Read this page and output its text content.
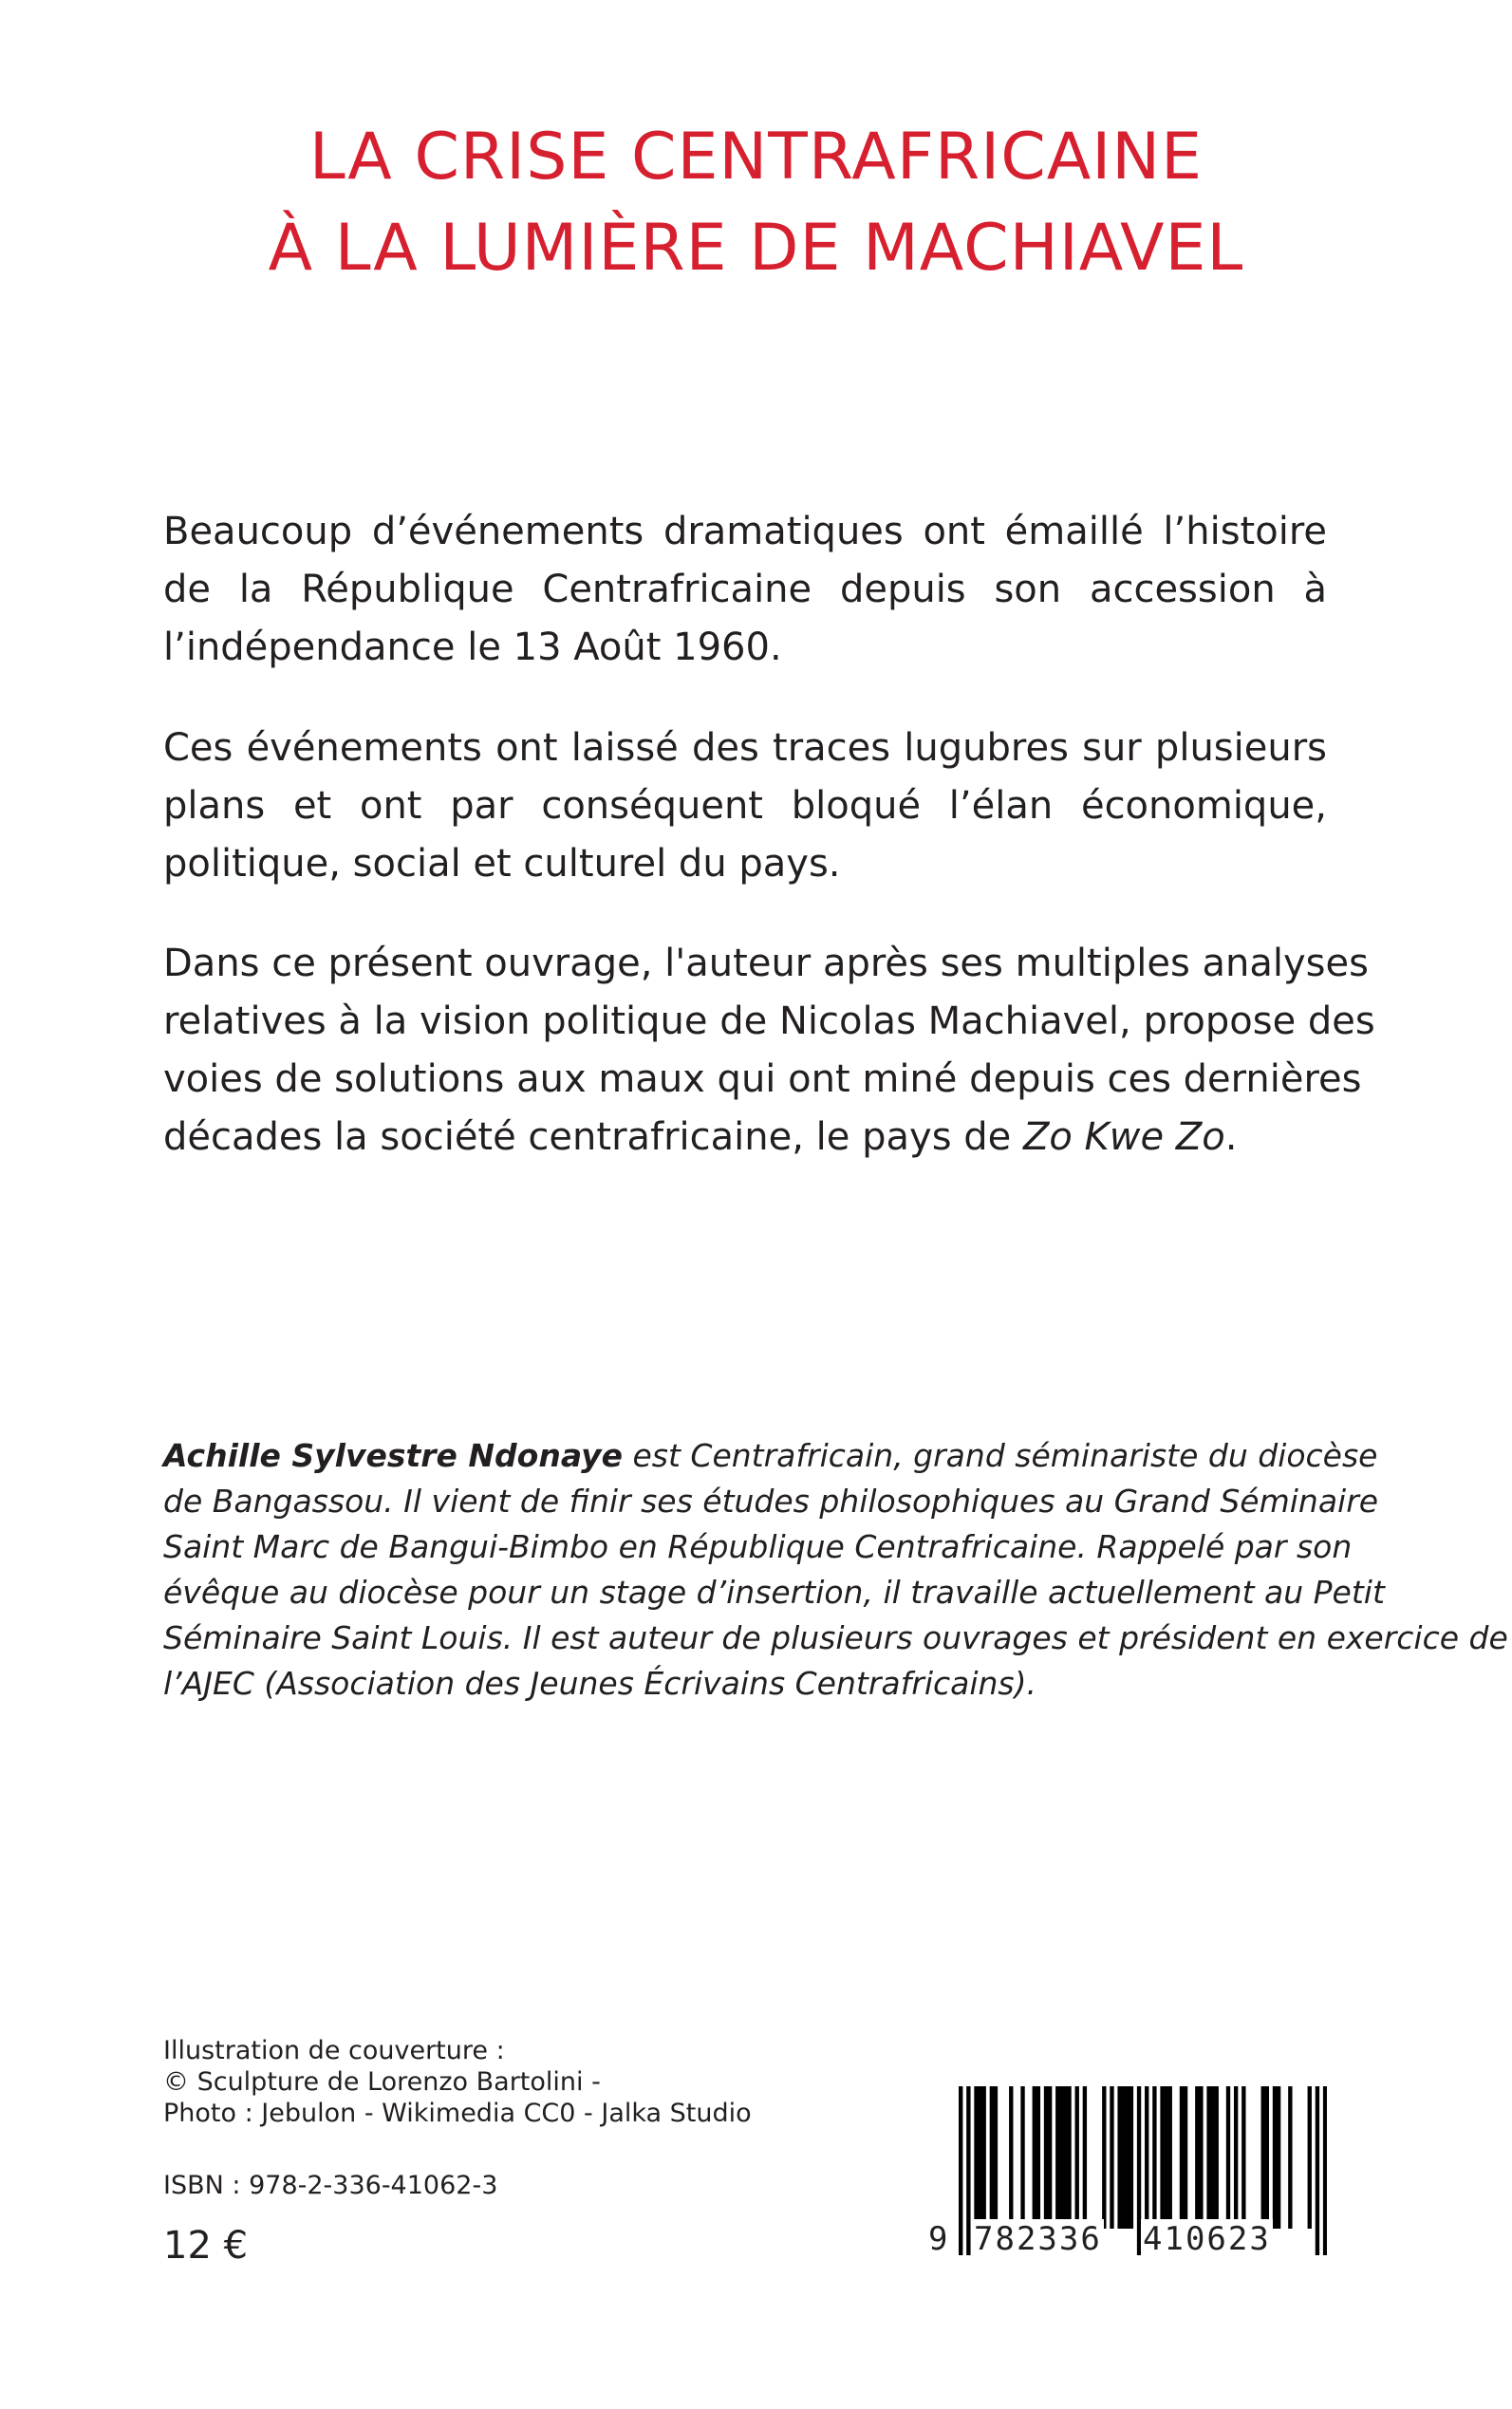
LA CRISE CENTRAFRICAINE
À LA LUMIÈRE DE MACHIAVEL
Beaucoup d’événements dramatiques ont émaillé l’histoire
de la République Centrafricaine depuis son accession à
l’indépendance le 13 Août 1960.
Ces événements ont laissé des traces lugubres sur plusieurs
plans et ont par conséquent bloqué l’élan économique,
politique, social et culturel du pays.
Dans ce présent ouvrage, l'auteur après ses multiples analyses
relatives à la vision politique de Nicolas Machiavel, propose des
voies de solutions aux maux qui ont miné depuis ces dernières
décades la société centrafricaine, le pays de Zo Kwe Zo.
Achille Sylvestre Ndonaye est Centrafricain, grand séminariste du diocèse
de Bangassou. Il vient de finir ses études philosophiques au Grand Séminaire
Saint Marc de Bangui-Bimbo en République Centrafricaine. Rappelé par son
évêque au diocèse pour un stage d’insertion, il travaille actuellement au Petit
Séminaire Saint Louis. Il est auteur de plusieurs ouvrages et président en exercice de
l’AJEC (Association des Jeunes Écrivains Centrafricains).
Illustration de couverture :
© Sculpture de Lorenzo Bartolini -
Photo : Jebulon - Wikimedia CC0 - Jalka Studio
ISBN : 978-2-336-41062-3
12 €	9 782336 410623
